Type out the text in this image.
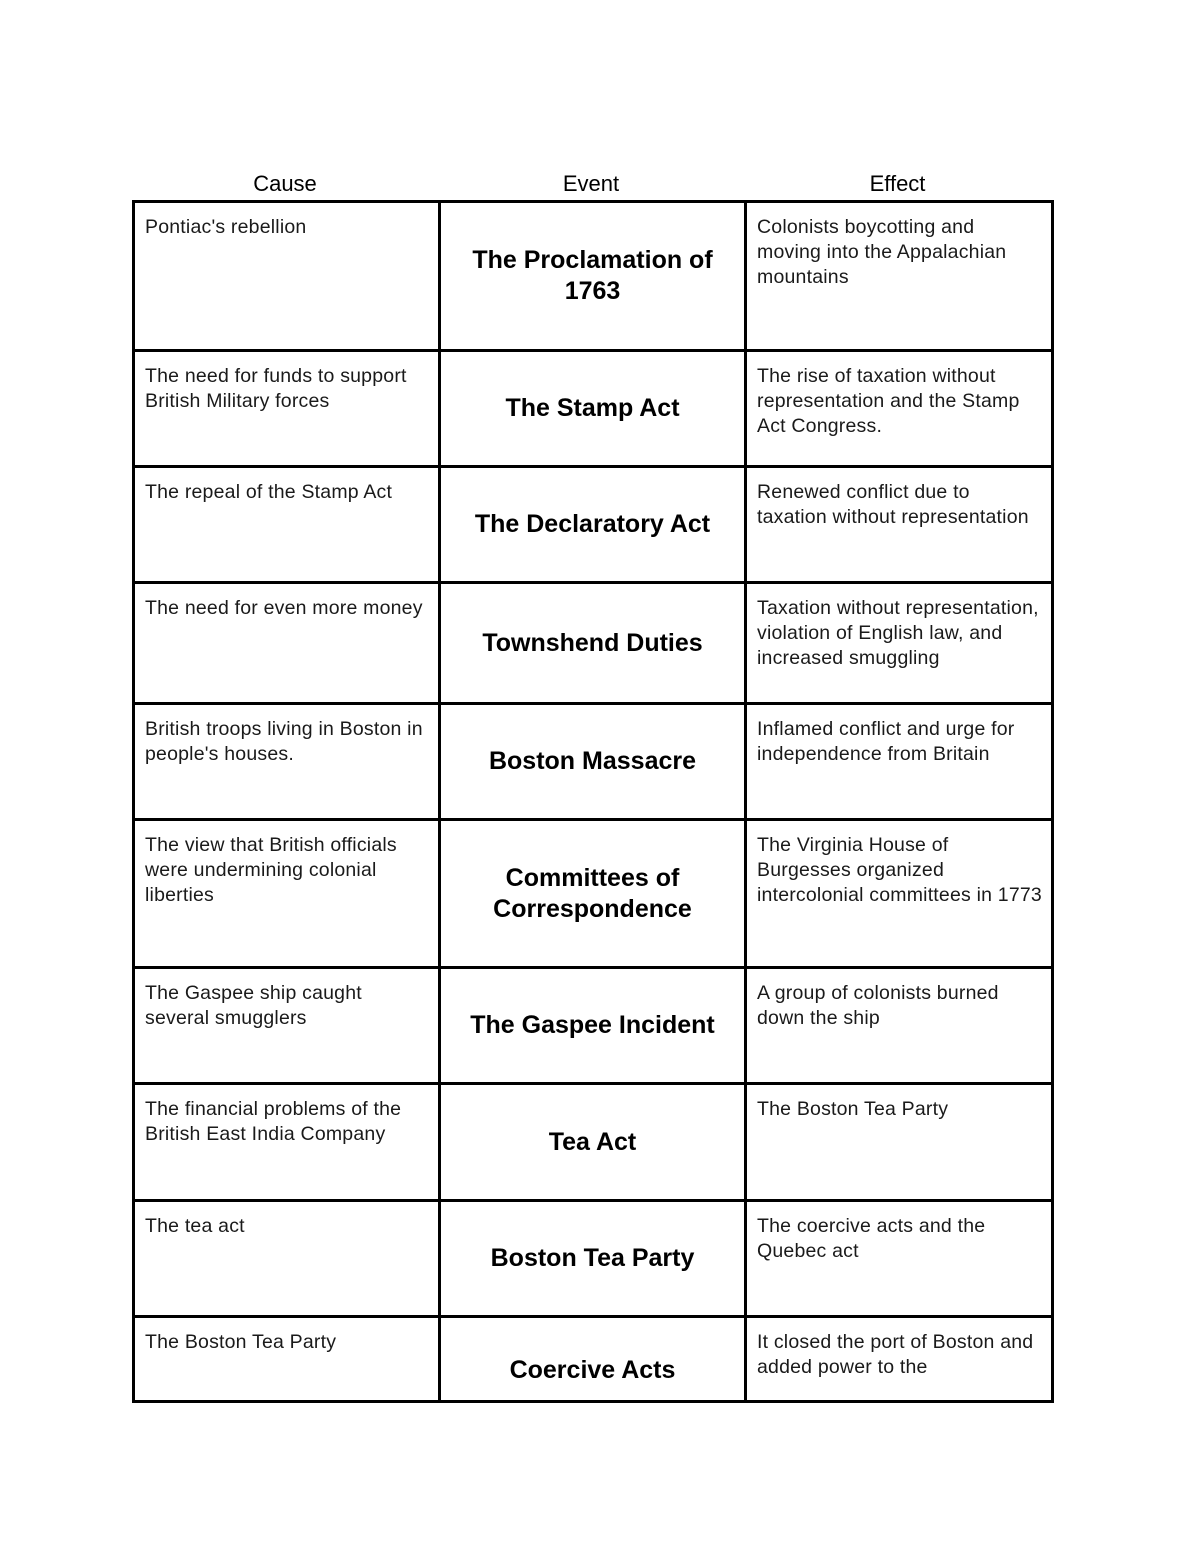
Cause	Event	Effect
Pontiac's rebellion	The Proclamation of 1763	Colonists boycotting and moving into the Appalachian mountains
The need for funds to support British Military forces	The Stamp Act	The rise of taxation without representation and the Stamp Act Congress.
The repeal of the Stamp Act	The Declaratory Act	Renewed conflict due to taxation without representation
The need for even more money	Townshend Duties	Taxation without representation, violation of English law, and increased smuggling
British troops living in Boston in people's houses.	Boston Massacre	Inflamed conflict and urge for independence from Britain
The view that British officials were undermining colonial liberties	Committees of Correspondence	The Virginia House of Burgesses organized intercolonial committees in 1773
The Gaspee ship caught several smugglers	The Gaspee Incident	A group of colonists burned down the ship
The financial problems of the British East India Company	Tea Act	The Boston Tea Party
The tea act	Boston Tea Party	The coercive acts and the Quebec act
The Boston Tea Party	Coercive Acts	It closed the port of Boston and added power to the
